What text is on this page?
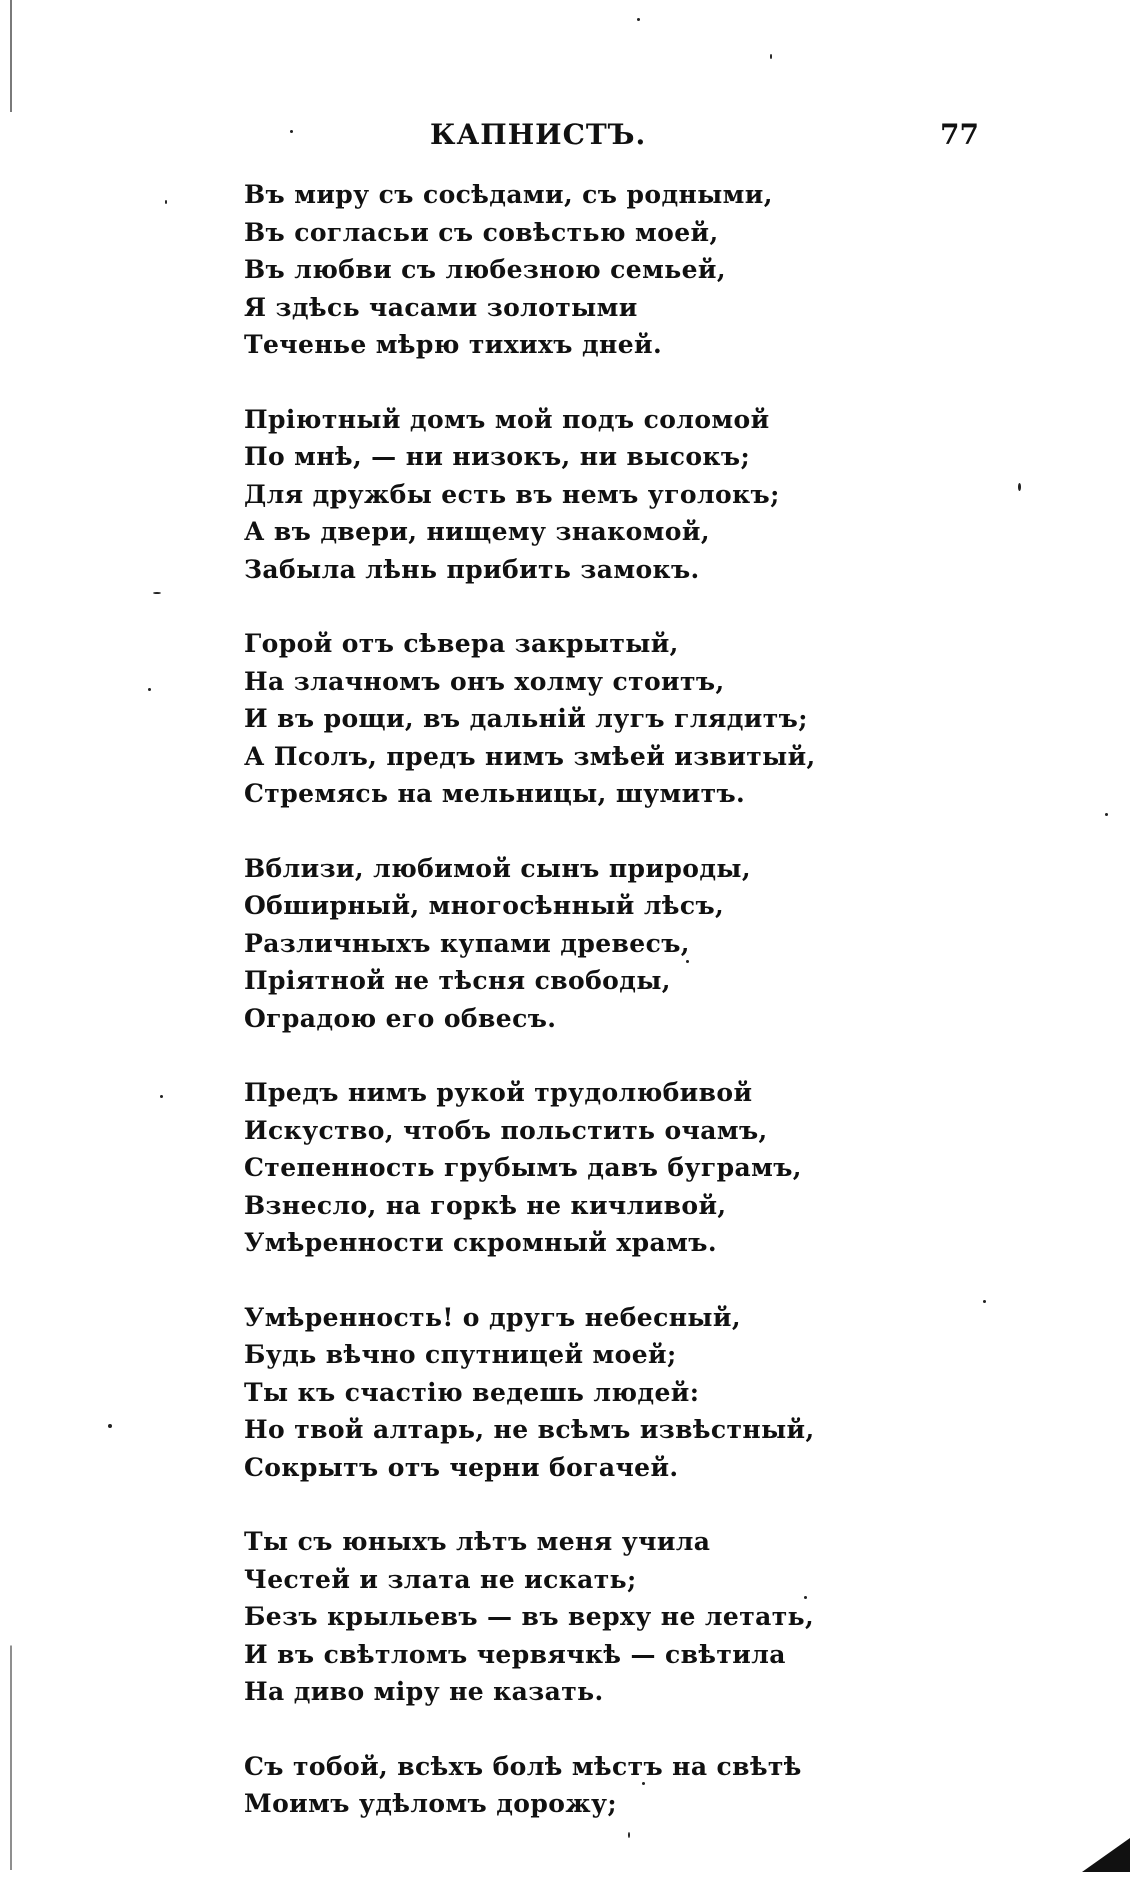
КАПНИСТЪ.	77
Въ миру съ сосѣдами, съ родными,
Въ согласьи съ совѣстью моей,
Въ любви съ любезною семьей,
Я здѣсь часами золотыми
Теченье мѣрю тихихъ дней.
Пріютный домъ мой подъ соломой
По мнѣ, — ни низокъ, ни высокъ;
Для дружбы есть въ немъ уголокъ;
А въ двери, нищему знакомой,
Забыла лѣнь прибить замокъ.
Горой отъ сѣвера закрытый,
На злачномъ онъ холму стоитъ,
И въ рощи, въ дальній лугъ глядитъ;
А Псолъ, предъ нимъ змѣей извитый,
Стремясь на мельницы, шумитъ.
Вблизи, любимой сынъ природы,
Обширный, многосѣнный лѣсъ,
Различныхъ купами древесъ,
Пріятной не тѣсня свободы,
Оградою его обвесъ.
Предъ нимъ рукой трудолюбивой
Искуство, чтобъ польстить очамъ,
Степенность грубымъ давъ буграмъ,
Взнесло, на горкѣ не кичливой,
Умѣренности скромный храмъ.
Умѣренность! о другъ небесный,
Будь вѣчно спутницей моей;
Ты къ счастію ведешь людей:
Но твой алтарь, не всѣмъ извѣстный,
Сокрытъ отъ черни богачей.
Ты съ юныхъ лѣтъ меня учила
Честей и злата не искать;
Безъ крыльевъ — въ верху не летать,
И въ свѣтломъ червячкѣ — свѣтила
На диво міру не казать.
Съ тобой, всѣхъ болѣ мѣстъ на свѣтѣ
Моимъ удѣломъ дорожу;
